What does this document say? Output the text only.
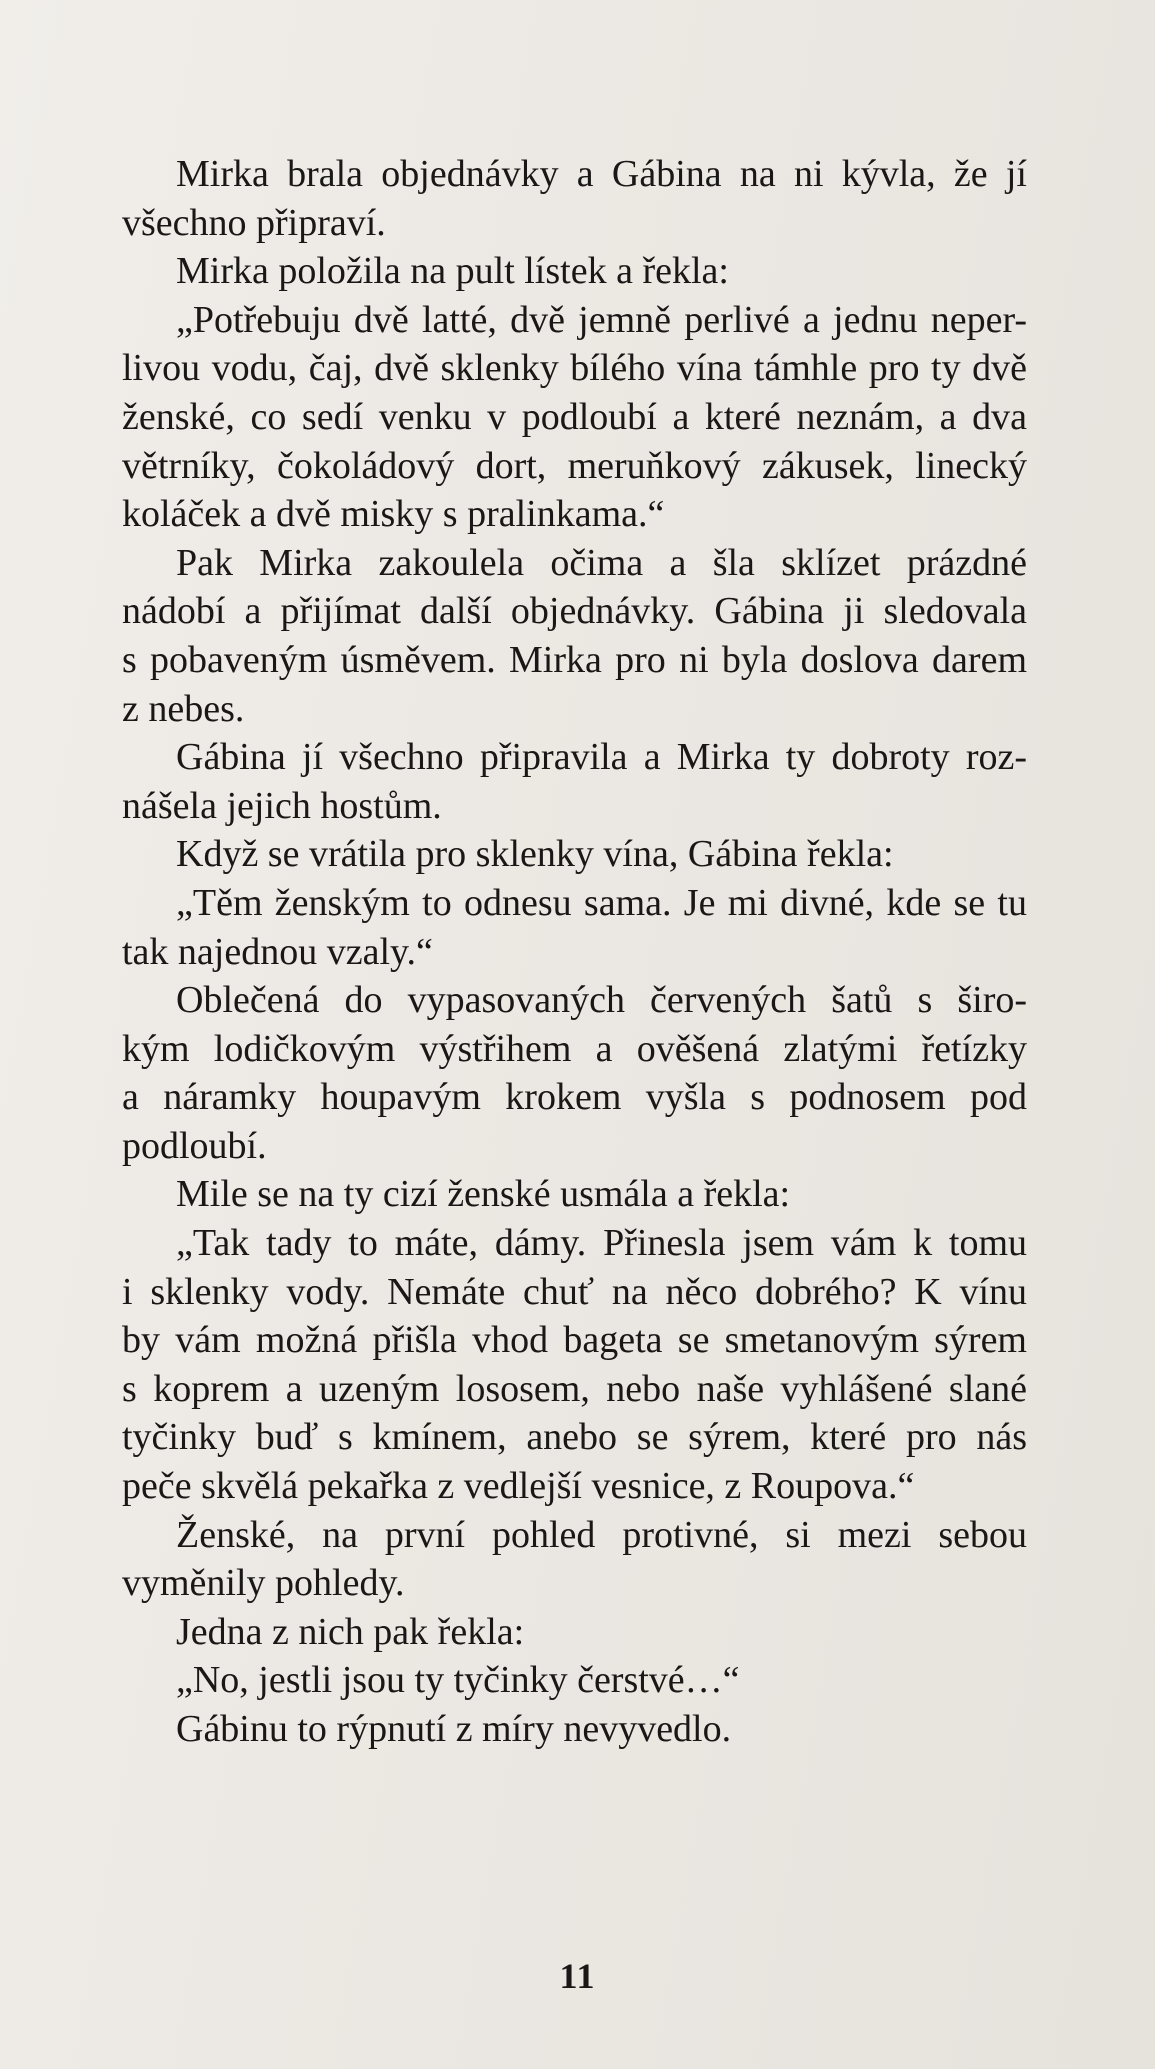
Mirka brala objednávky a Gábina na ni kývla, že jí
všechno připraví.
Mirka položila na pult lístek a řekla:
„Potřebuju dvě latté, dvě jemně perlivé a jednu neper-
livou vodu, čaj, dvě sklenky bílého vína támhle pro ty dvě
ženské, co sedí venku v podloubí a které neznám, a dva
větrníky, čokoládový dort, meruňkový zákusek, linecký
koláček a dvě misky s pralinkama.“
Pak Mirka zakoulela očima a šla sklízet prázdné
nádobí a přijímat další objednávky. Gábina ji sledovala
s pobaveným úsměvem. Mirka pro ni byla doslova darem
z nebes.
Gábina jí všechno připravila a Mirka ty dobroty roz-
nášela jejich hostům.
Když se vrátila pro sklenky vína, Gábina řekla:
„Těm ženským to odnesu sama. Je mi divné, kde se tu
tak najednou vzaly.“
Oblečená do vypasovaných červených šatů s širo-
kým lodičkovým výstřihem a ověšená zlatými řetízky
a náramky houpavým krokem vyšla s podnosem pod
podloubí.
Mile se na ty cizí ženské usmála a řekla:
„Tak tady to máte, dámy. Přinesla jsem vám k tomu
i sklenky vody. Nemáte chuť na něco dobrého? K vínu
by vám možná přišla vhod bageta se smetanovým sýrem
s koprem a uzeným lososem, nebo naše vyhlášené slané
tyčinky buď s kmínem, anebo se sýrem, které pro nás
peče skvělá pekařka z vedlejší vesnice, z Roupova.“
Ženské, na první pohled protivné, si mezi sebou
vyměnily pohledy.
Jedna z nich pak řekla:
„No, jestli jsou ty tyčinky čerstvé…“
Gábinu to rýpnutí z míry nevyvedlo.
11
